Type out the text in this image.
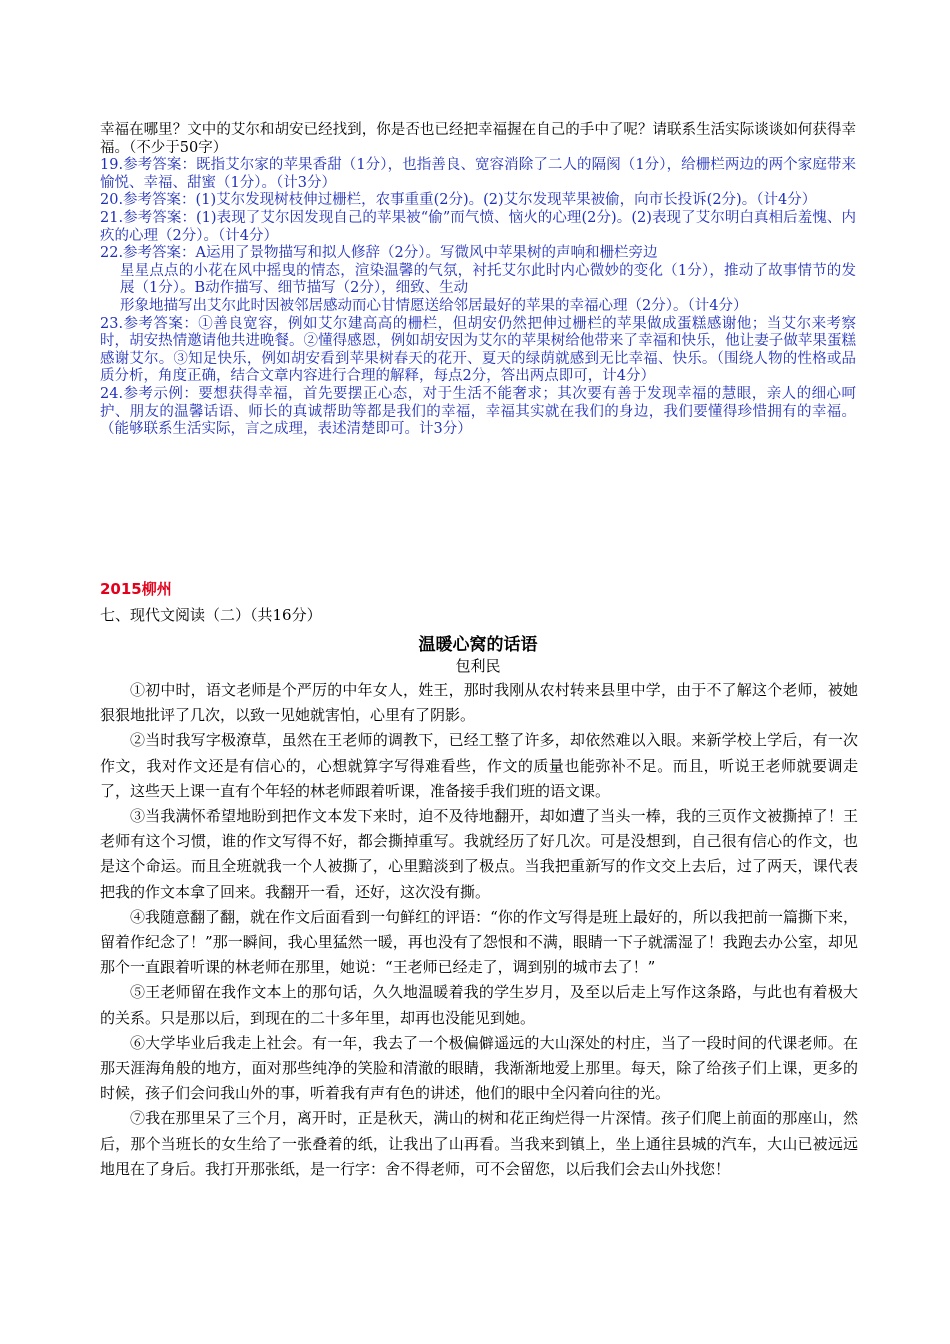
幸福在哪里？文中的艾尔和胡安已经找到，你是否也已经把幸福握在自己的手中了呢？请联系生活实际谈谈如何获得幸福。（不少于50字）

19.参考答案：既指艾尔家的苹果香甜（1分），也指善良、宽容消除了二人的隔阂（1分），给栅栏两边的两个家庭带来愉悦、幸福、甜蜜（1分）。（计3分）

20.参考答案：(1)艾尔发现树枝伸过栅栏，农事重重(2分)。(2)艾尔发现苹果被偷，向市长投诉(2分)。（计4分）

21.参考答案：(1)表现了艾尔因发现自己的苹果被“偷”而气愤、恼火的心理(2分)。(2)表现了艾尔明白真相后羞愧、内疚的心理（2分）。（计4分）

22.参考答案：A运用了景物描写和拟人修辞（2分）。写微风中苹果树的声响和栅栏旁边

星星点点的小花在风中摇曳的情态，渲染温馨的气氛，衬托艾尔此时内心微妙的变化（1分），推动了故事情节的发展（1分）。B动作描写、细节描写（2分），细致、生动

形象地描写出艾尔此时因被邻居感动而心甘情愿送给邻居最好的苹果的幸福心理（2分）。（计4分）

23.参考答案：①善良宽容，例如艾尔建高高的栅栏，但胡安仍然把伸过栅栏的苹果做成蛋糕感谢他；当艾尔来考察时，胡安热情邀请他共进晚餐。②懂得感恩，例如胡安因为艾尔的苹果树给他带来了幸福和快乐，他让妻子做苹果蛋糕感谢艾尔。③知足快乐，例如胡安看到苹果树春天的花开、夏天的绿荫就感到无比幸福、快乐。（围绕人物的性格或品质分析，角度正确，结合文章内容进行合理的解释，每点2分，答出两点即可，计4分）

24.参考示例：要想获得幸福，首先要摆正心态，对于生活不能奢求；其次要有善于发现幸福的慧眼，亲人的细心呵护、朋友的温馨话语、师长的真诚帮助等都是我们的幸福，幸福其实就在我们的身边，我们要懂得珍惜拥有的幸福。（能够联系生活实际，言之成理，表述清楚即可。计3分）

2015柳州
七、现代文阅读（二）（共16分）
温暖心窝的话语
包利民

①初中时，语文老师是个严厉的中年女人，姓王，那时我刚从农村转来县里中学，由于不了解这个老师，被她狠狠地批评了几次，以致一见她就害怕，心里有了阴影。

②当时我写字极潦草，虽然在王老师的调教下，已经工整了许多，却依然难以入眼。来新学校上学后，有一次作文，我对作文还是有信心的，心想就算字写得难看些，作文的质量也能弥补不足。而且，听说王老师就要调走了，这些天上课一直有个年轻的林老师跟着听课，准备接手我们班的语文课。

③当我满怀希望地盼到把作文本发下来时，迫不及待地翻开，却如遭了当头一棒，我的三页作文被撕掉了！王老师有这个习惯，谁的作文写得不好，都会撕掉重写。我就经历了好几次。可是没想到，自己很有信心的作文，也是这个命运。而且全班就我一个人被撕了，心里黯淡到了极点。当我把重新写的作文交上去后，过了两天，课代表把我的作文本拿了回来。我翻开一看，还好，这次没有撕。

④我随意翻了翻，就在作文后面看到一句鲜红的评语：“你的作文写得是班上最好的，所以我把前一篇撕下来，留着作纪念了！”那一瞬间，我心里猛然一暖，再也没有了怨恨和不满，眼睛一下子就濡湿了！我跑去办公室，却见那个一直跟着听课的林老师在那里，她说：“王老师已经走了，调到别的城市去了！”

⑤王老师留在我作文本上的那句话，久久地温暖着我的学生岁月，及至以后走上写作这条路，与此也有着极大的关系。只是那以后，到现在的二十多年里，却再也没能见到她。

⑥大学毕业后我走上社会。有一年，我去了一个极偏僻遥远的大山深处的村庄，当了一段时间的代课老师。在那天涯海角般的地方，面对那些纯净的笑脸和清澈的眼睛，我渐渐地爱上那里。每天，除了给孩子们上课，更多的时候，孩子们会问我山外的事，听着我有声有色的讲述，他们的眼中全闪着向往的光。

⑦我在那里呆了三个月，离开时，正是秋天，满山的树和花正绚烂得一片深情。孩子们爬上前面的那座山，然后，那个当班长的女生给了一张叠着的纸，让我出了山再看。当我来到镇上，坐上通往县城的汽车，大山已被远远地甩在了身后。我打开那张纸，是一行字：舍不得老师，可不会留您，以后我们会去山外找您！
